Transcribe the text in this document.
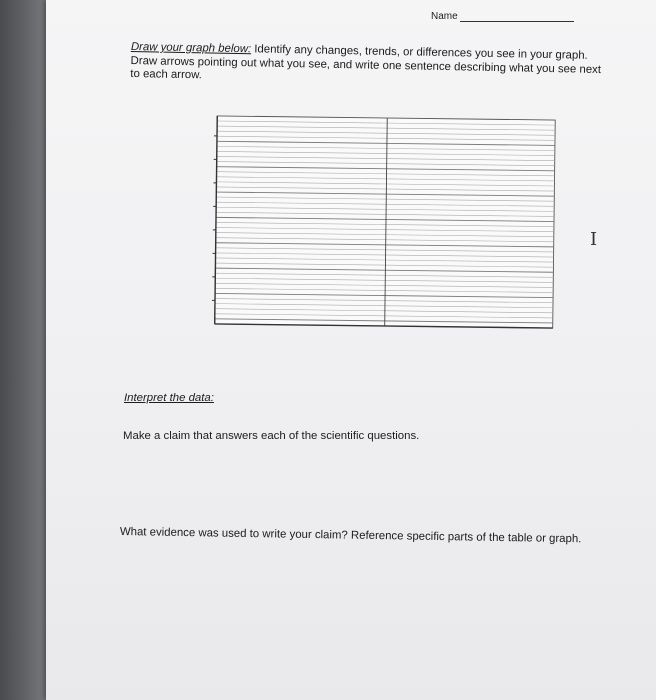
Name
Draw your graph below: Identify any changes, trends, or differences you see in your graph. Draw arrows pointing out what you see, and write one sentence describing what you see next to each arrow.
I
Interpret the data:
Make a claim that answers each of the scientific questions.
What evidence was used to write your claim? Reference specific parts of the table or graph.
